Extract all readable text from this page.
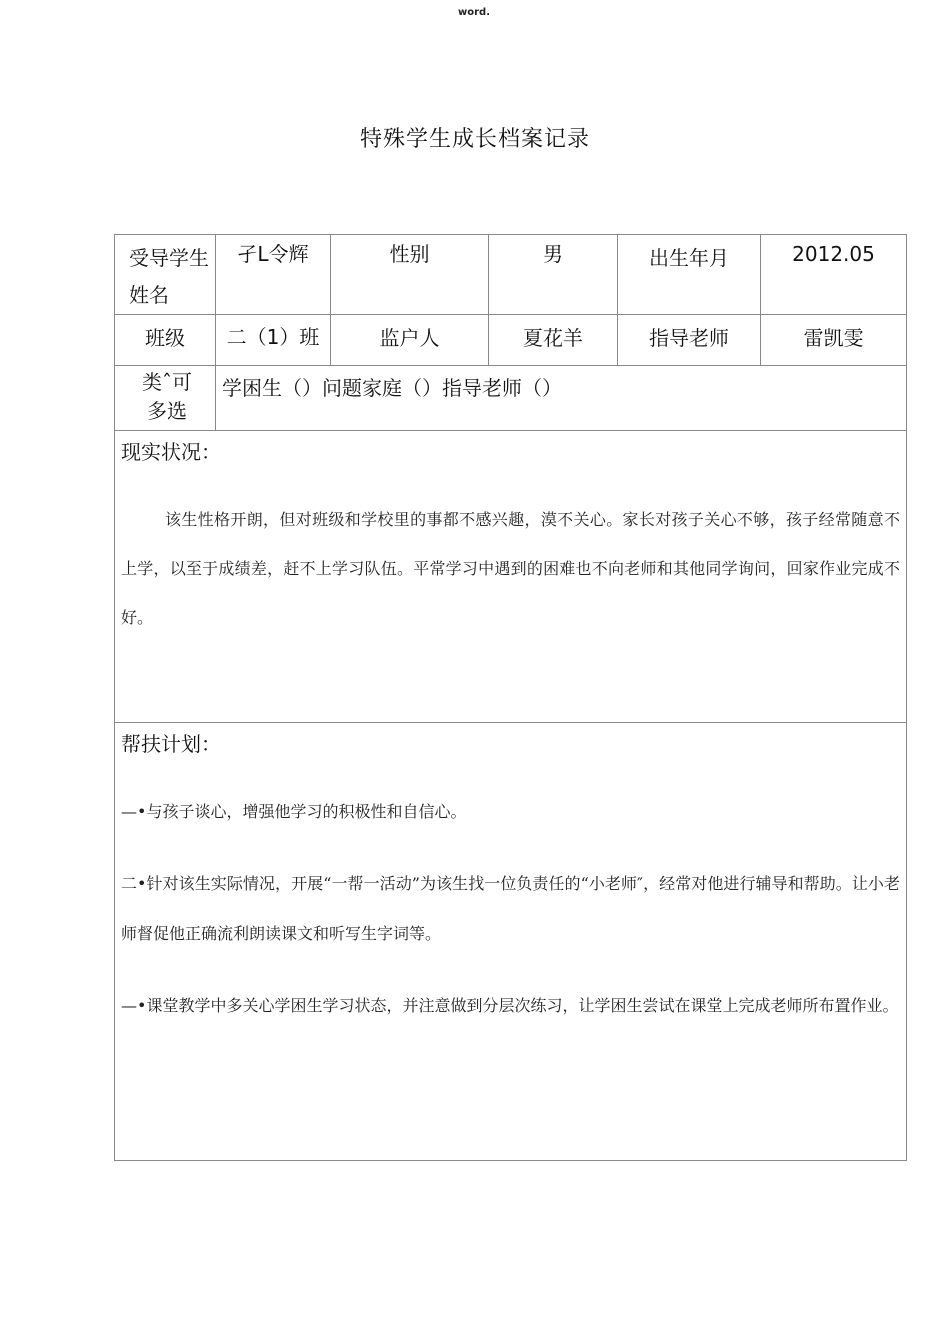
word.
特殊学生成长档案记录
受导学生姓名	孑L令辉	性别	男	出生年月	2012.05
班级	二（1）班	监户人	夏花羊	指导老师	雷凯雯
类ˆ可多选	学困生（）问题家庭（）指导老师（）				

现实状况：

该生性格开朗，但对班级和学校里的事都不感兴趣，漠不关心。家长对孩子关心不够，孩子经常随意不上学，以至于成绩差，赶不上学习队伍。平常学习中遇到的困难也不向老师和其他同学询问，回家作业完成不好。					

帮扶计划：

—•与孩子谈心，增强他学习的积极性和自信心。

二•针对该生实际情况，开展“一帮一活动”为该生找一位负责任的“小老师″，经常对他进行辅导和帮助。让小老师督促他正确流利朗读课文和听写生字词等。

—•课堂教学中多关心学困生学习状态，并注意做到分层次练习，让学困生尝试在课堂上完成老师所布置作业。					
